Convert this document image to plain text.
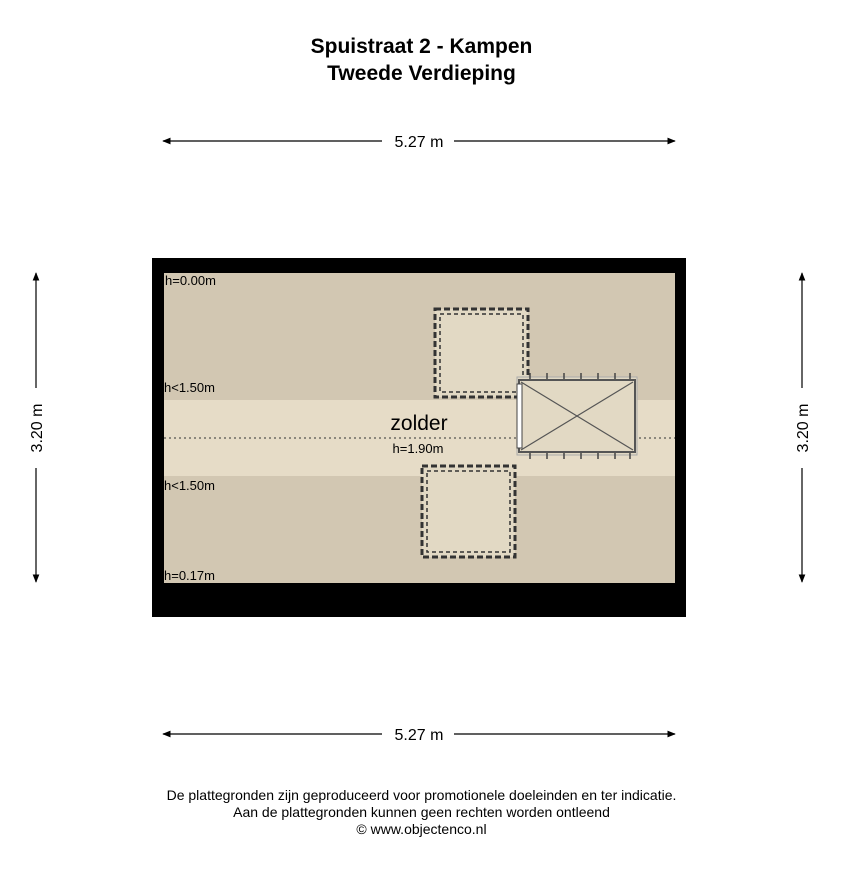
Spuistraat 2 - Kampen
Tweede Verdieping
5.27 m
5.27 m
3.20 m	3.20 m
h=0.00m
h<1.50m
h<1.50m
h=0.17m
zolder
h=1.90m
De plattegronden zijn geproduceerd voor promotionele doeleinden en ter indicatie.
Aan de plattegronden kunnen geen rechten worden ontleend
© www.objectenco.nl
